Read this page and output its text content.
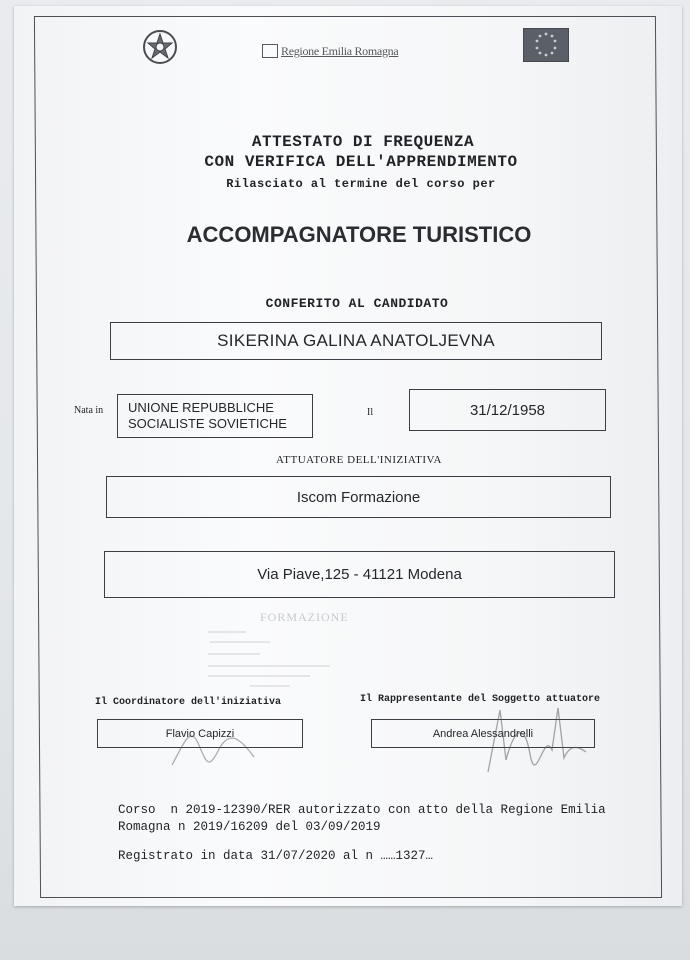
Regione Emilia Romagna
ATTESTATO DI FREQUENZA
CON VERIFICA DELL'APPRENDIMENTO
Rilasciato al termine del corso per
ACCOMPAGNATORE TURISTICO
CONFERITO AL CANDIDATO
SIKERINA GALINA ANATOLJEVNA
Nata in UNIONE REPUBBLICHE
SOCIALISTE SOVIETICHE
Il	31/12/1958
ATTUATORE DELL'INIZIATIVA
Iscom Formazione
Via Piave,125 - 41121 Modena
FORMAZIONE
Il Coordinatore dell'iniziativa
Flavio Capizzi
Il Rappresentante del Soggetto attuatore
Andrea Alessandrelli
Corso  n 2019-12390/RER autorizzato con atto della Regione Emilia
Romagna n 2019/16209 del 03/09/2019
Registrato in data 31/07/2020 al n ……1327…
